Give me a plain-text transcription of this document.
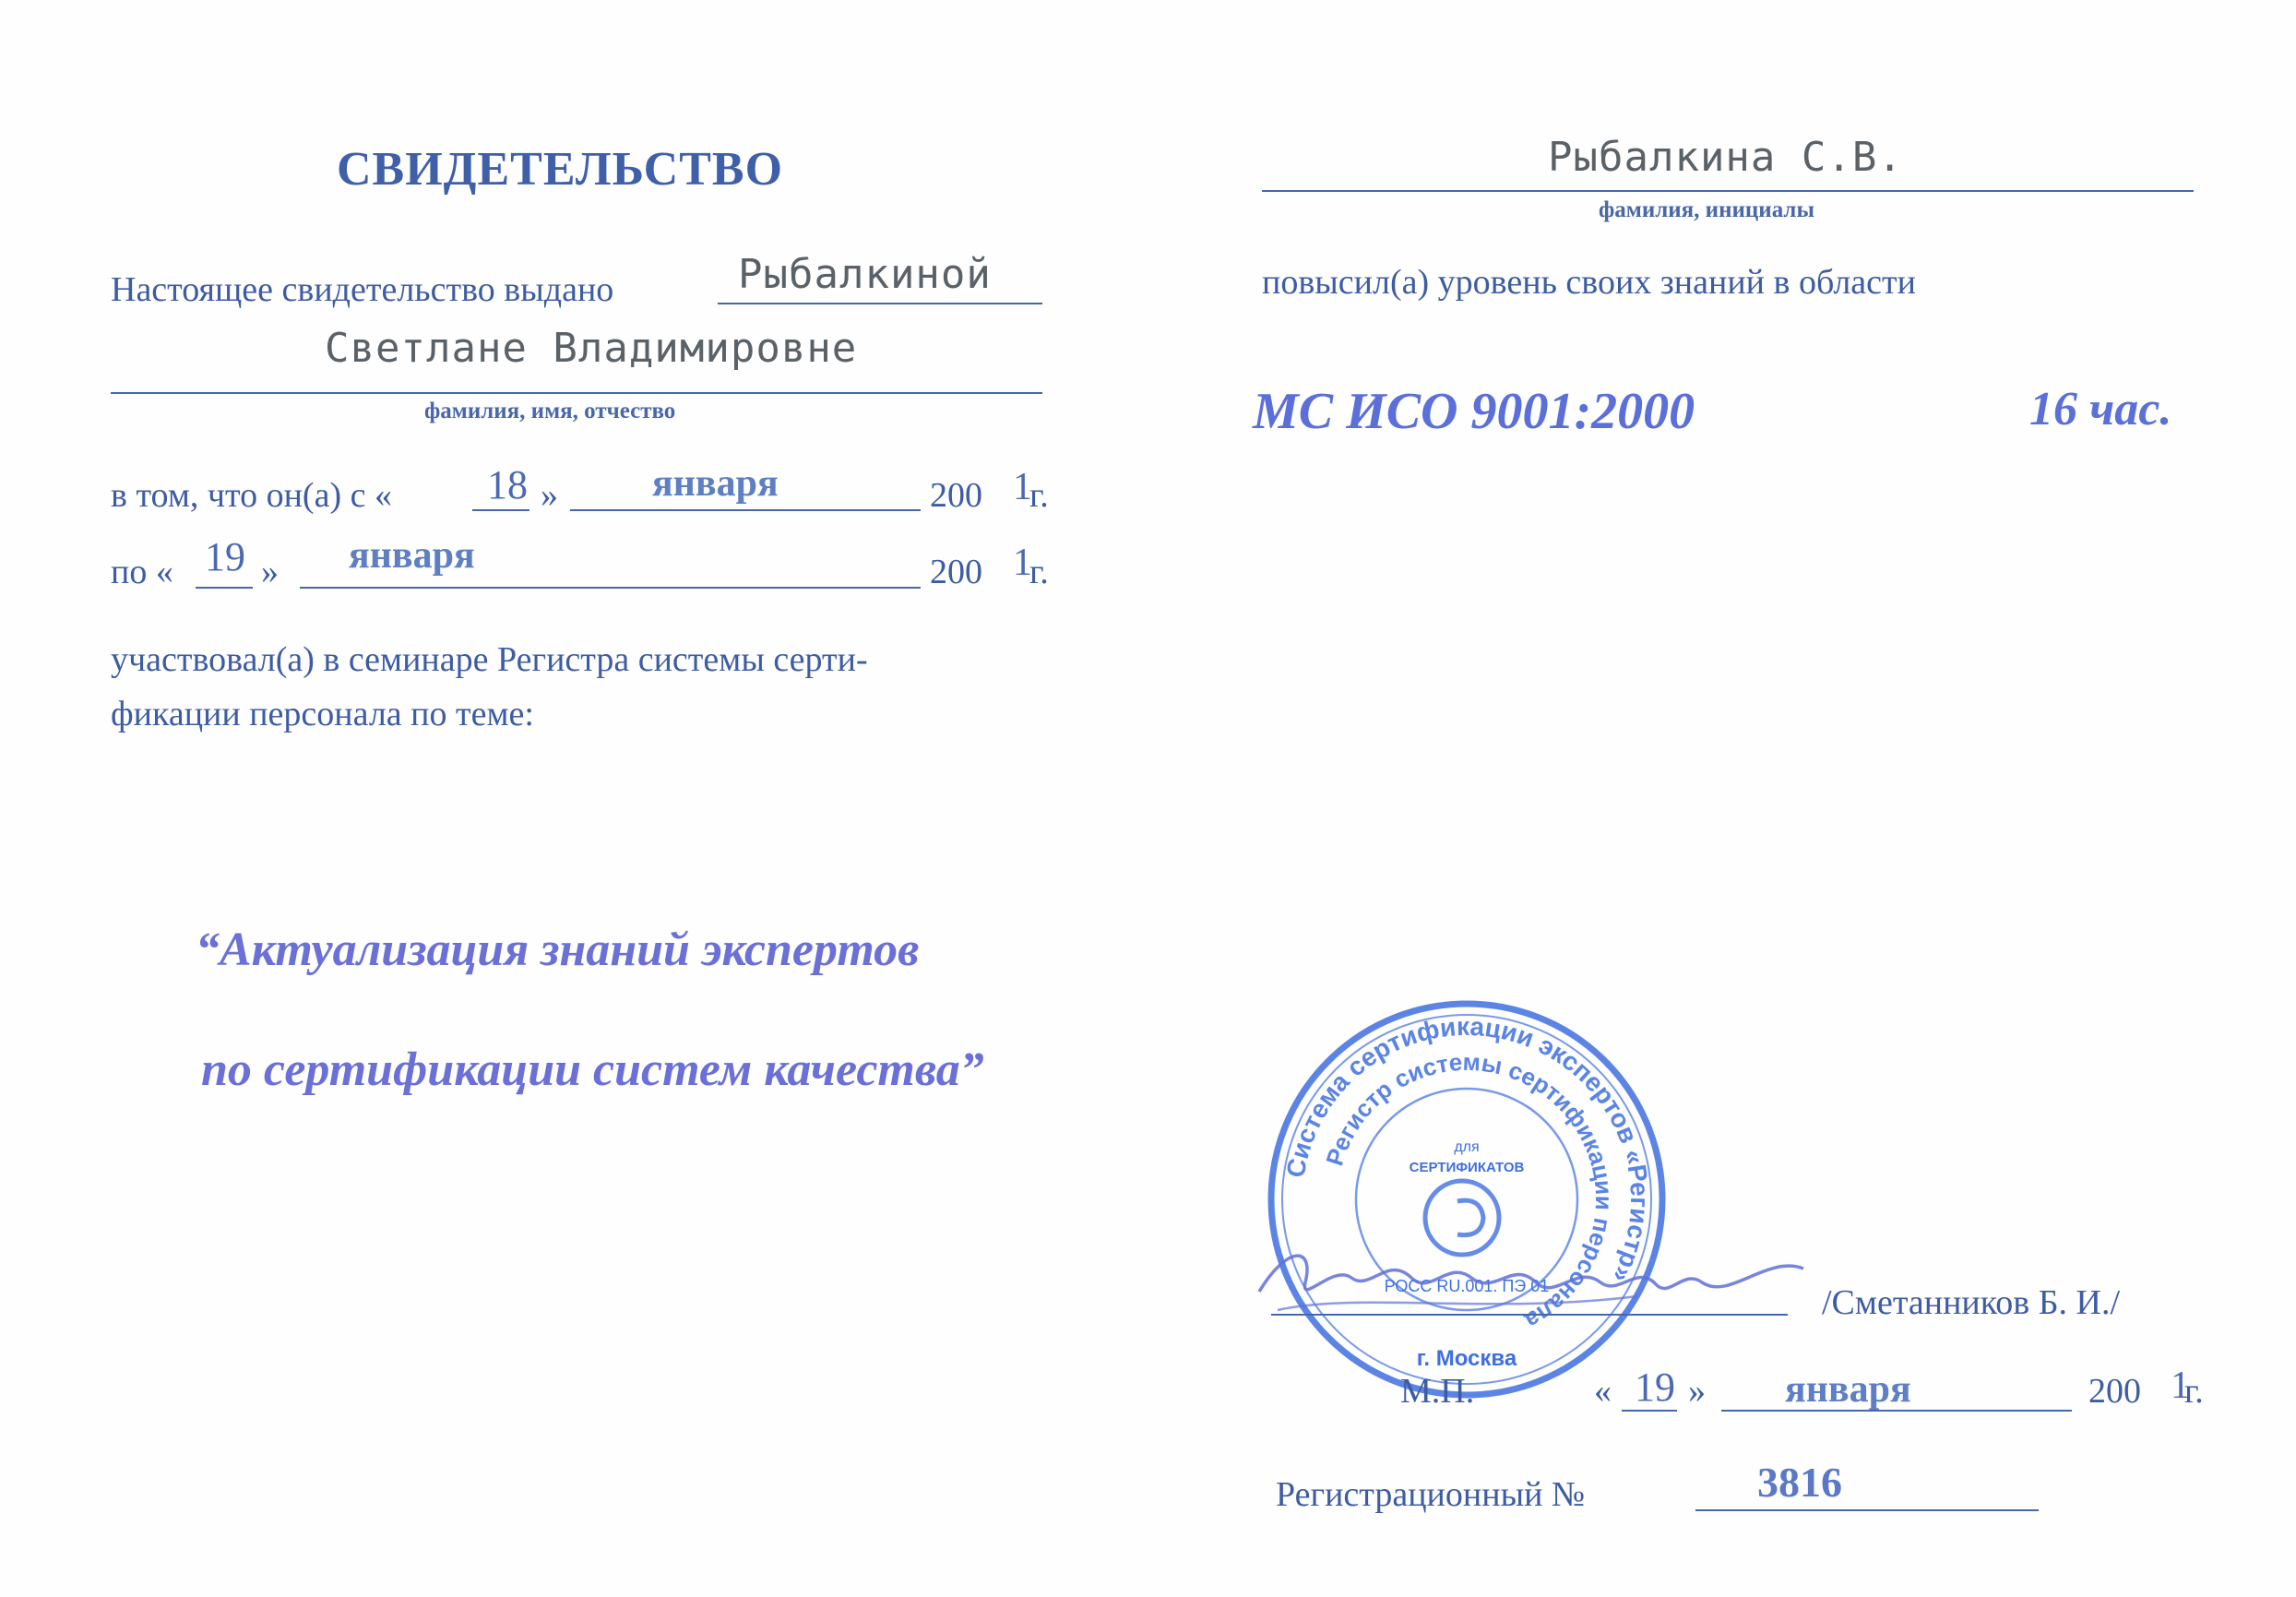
СВИДЕТЕЛЬСТВО
Настоящее свидетельство выдано	Рыбалкиной
Светлане Владимировне
фамилия, имя, отчество
в том, что он(а) с « 18 » января	200 1
г.
по « 19 » января	200 1
г.
участвовал(а) в семинаре Регистра системы серти-
фикации персонала по теме:
“Актуализация знаний экспертов
по сертификации систем качества”
Рыбалкина С.В.
фамилия, инициалы
повысил(а) уровень своих знаний в области
МС ИСО 9001:2000	16 час.
Система сертификации экспертов «Регистр»
Регистр системы сертификации персонала
для
СЕРТИФИКАТОВ
РОСС RU.001. ПЭ 01
г. Москва
/Сметанников Б. И./
М.П.	« 19 » января	200 1
г.
Регистрационный №	3816
